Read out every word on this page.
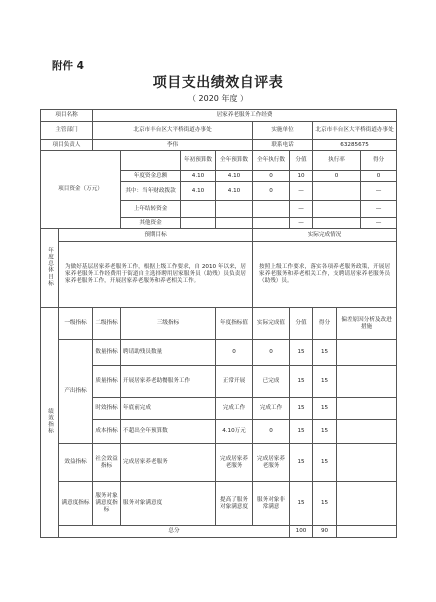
附件 4
项目支出绩效自评表
（ 2020 年度 ）
项目名称		居家养老服务工作经费								
主管部门		北京市丰台区大平桥街道办事处				实施单位		北京市丰台区大平桥街道办事处		
项目负责人		李伟				联系电话		63285675		
项目资金（万元）				年初预算数	全年预算数	全年执行数	分值	执行率		得分
			年度资金总额	4.10	4.10	0	10	0		0
			其中：当年财政拨款	4.10	4.10	0	—			—
			上年结转资金				—			—
			其他资金				—			—
年度总体目标	预期目标					实际完成情况				
	为做好基层居家养老服务工作，根据上级工作要求，自 2010 年以来，居家养老服务工作经费用于街道自主选择聘用居家服务员（助残）员负责居家养老服务工作，开展居家养老服务和养老相关工作。					按照上级工作要求，落实各项养老服务政策，开展居家养老服务和养老相关工作，支聘请居家养老服务员（助残）员。				
绩效指标	一级指标	二级指标	三级指标		年度指标值	实际完成值	分值	得分	偏差原因分析及改进措施	
	产出指标	数量指标	聘请助残员数量		0	0	15	15		
		质量指标	开展居家养老助餐服务工作		正常开展	已完成	15	15		
		时效指标	年底前完成		完成工作	完成工作	15	15		
		成本指标	不超出全年预算数		4.10万元	0	15	15		
	效益指标	社会效益指标	完成居家养老服务		完成居家养老服务	完成居家养老服务	15	15		
	满意度指标	服务对象满意度指标	服务对象满意度		提高了服务对象满意度	服务对象非常满意	15	15		
	总分						100	90		
